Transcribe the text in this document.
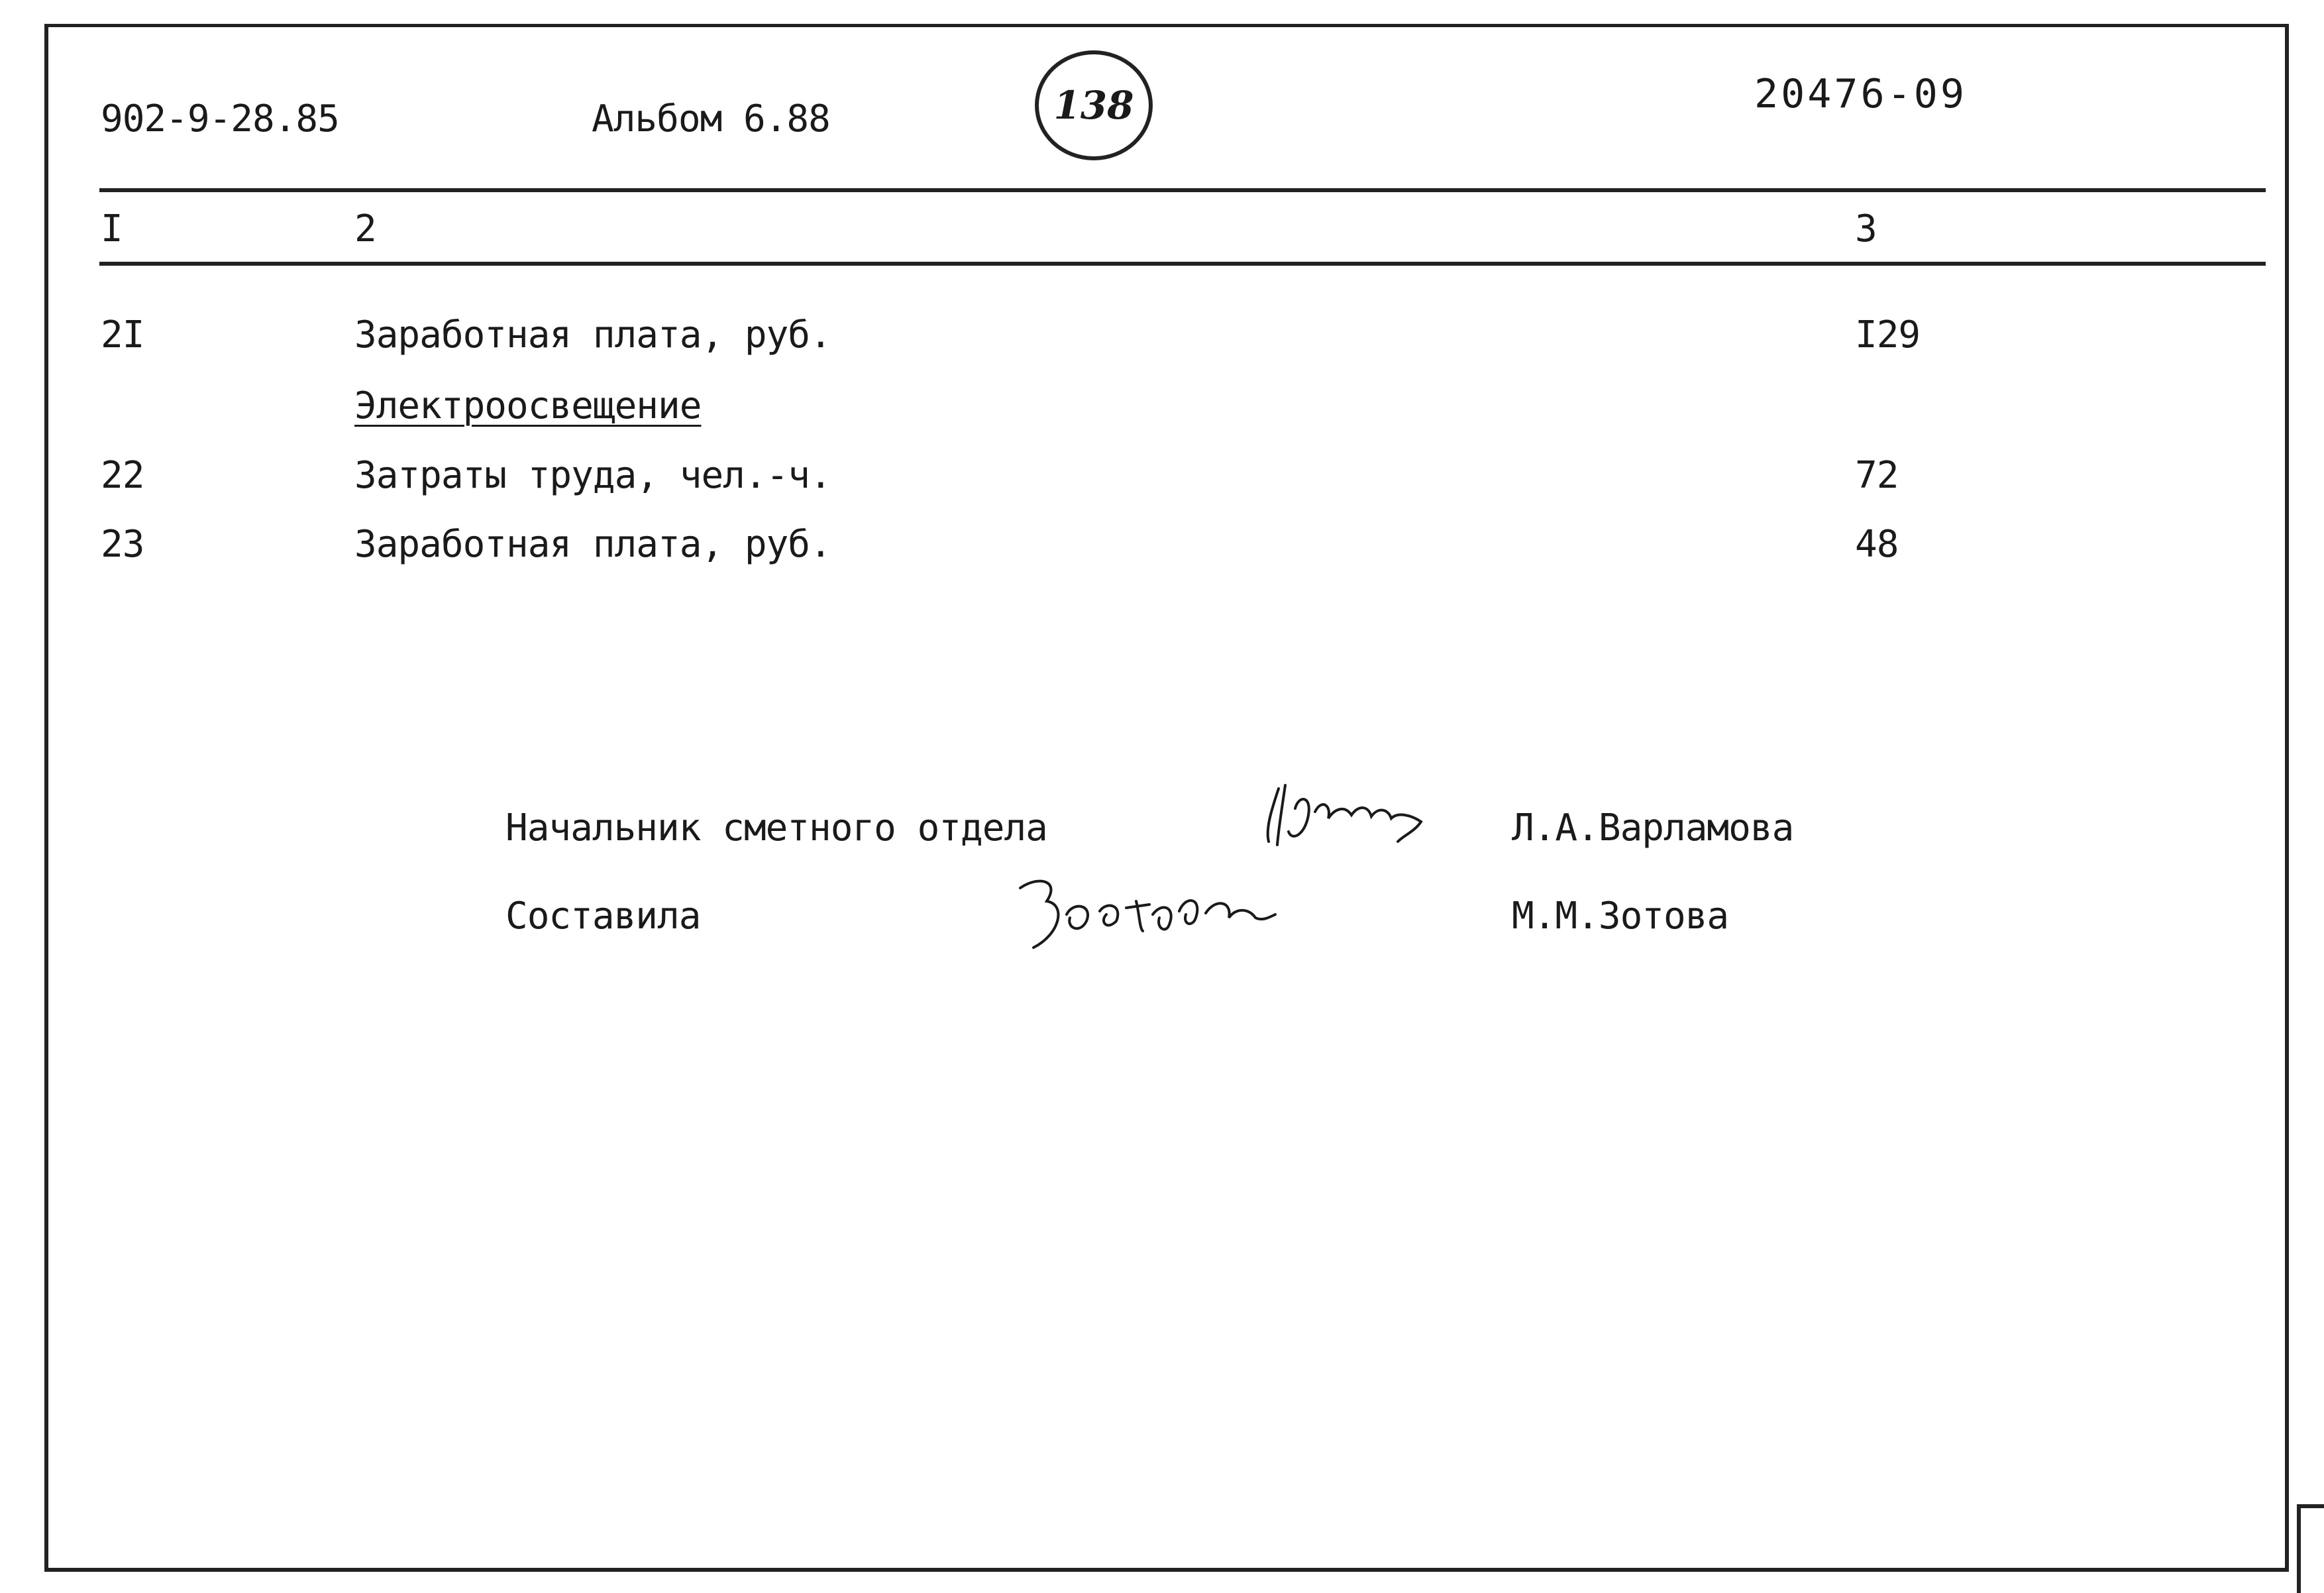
902-9-28.85	Альбом 6.88	138	20476-09
I	2	3
2I	Заработная плата, руб.	I29
Электроосвещение
22	Затраты труда, чел.-ч.	72
23	Заработная плата, руб.	48
Начальник сметного отдела	Л.А.Варламова
Составила	М.М.Зотова
